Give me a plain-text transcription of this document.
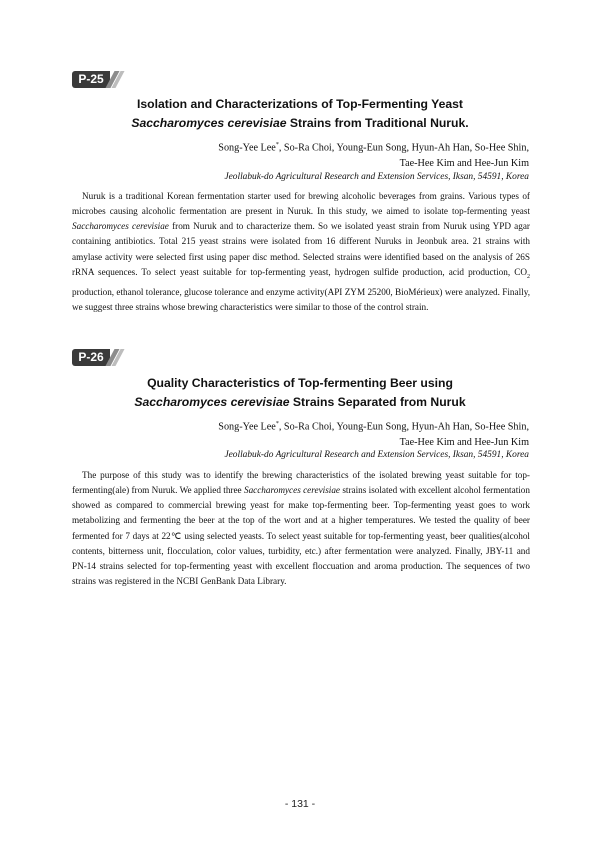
P-25
Isolation and Characterizations of Top-Fermenting Yeast
Saccharomyces cerevisiae Strains from Traditional Nuruk.
Song-Yee Lee*, So-Ra Choi, Young-Eun Song, Hyun-Ah Han, So-Hee Shin,
Tae-Hee Kim and Hee-Jun Kim
Jeollabuk-do Agricultural Research and Extension Services, Iksan, 54591, Korea
Nuruk is a traditional Korean fermentation starter used for brewing alcoholic beverages from grains. Various types of microbes causing alcoholic fermentation are present in Nuruk. In this study, we aimed to isolate top-fermenting yeast Saccharomyces cerevisiae from Nuruk and to characterize them. So we isolated yeast strain from Nuruk using YPD agar containing antibiotics. Total 215 yeast strains were isolated from 16 different Nuruks in Jeonbuk area. 21 strains with amylase activity were selected first using paper disc method. Selected strains were identified based on the analysis of 26S rRNA sequences. To select yeast suitable for top-fermenting yeast, hydrogen sulfide production, acid production, $CO_2$ production, ethanol tolerance, glucose tolerance and enzyme activity(API ZYM 25200, BioMérieux) were analyzed. Finally, we suggest three strains whose brewing characteristics were similar to those of the control strain.
P-26
Quality Characteristics of Top-fermenting Beer using
Saccharomyces cerevisiae Strains Separated from Nuruk
Song-Yee Lee*, So-Ra Choi, Young-Eun Song, Hyun-Ah Han, So-Hee Shin,
Tae-Hee Kim and Hee-Jun Kim
Jeollabuk-do Agricultural Research and Extension Services, Iksan, 54591, Korea
The purpose of this study was to identify the brewing characteristics of the isolated brewing yeast suitable for top-fermenting(ale) from Nuruk. We applied three Saccharomyces cerevisiae strains isolated with excellent alcohol fermentation showed as compared to commercial brewing yeast for make top-fermenting beer. Top-fermenting yeast goes to work metabolizing and fermenting the beer at the top of the wort and at a higher temperatures. We tested the quality of beer fermented for 7 days at 22℃ using selected yeasts. To select yeast suitable for top-fermenting yeast, beer qualities(alcohol contents, bitterness unit, flocculation, color values, turbidity, etc.) after fermentation were analyzed. Finally, JBY-11 and PN-14 strains selected for top-fermenting yeast with excellent floccuation and aroma production. The sequences of two strains was registered in the NCBI GenBank Data Library.
- 131 -
